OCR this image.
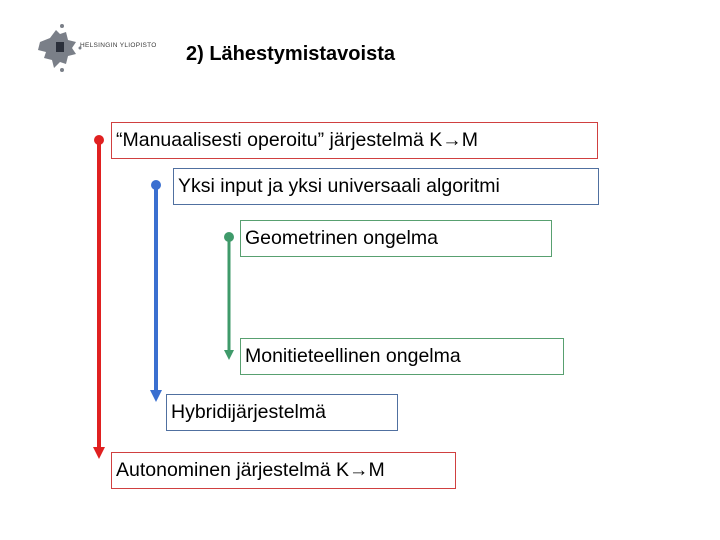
HELSINGIN YLIOPISTO 2) Lähestymistavoista
“Manuaalisesti operoitu” järjestelmä K→M
Yksi input ja yksi universaali algoritmi
Geometrinen ongelma
Monitieteellinen ongelma
Hybridijärjestelmä
Autonominen järjestelmä K→M
